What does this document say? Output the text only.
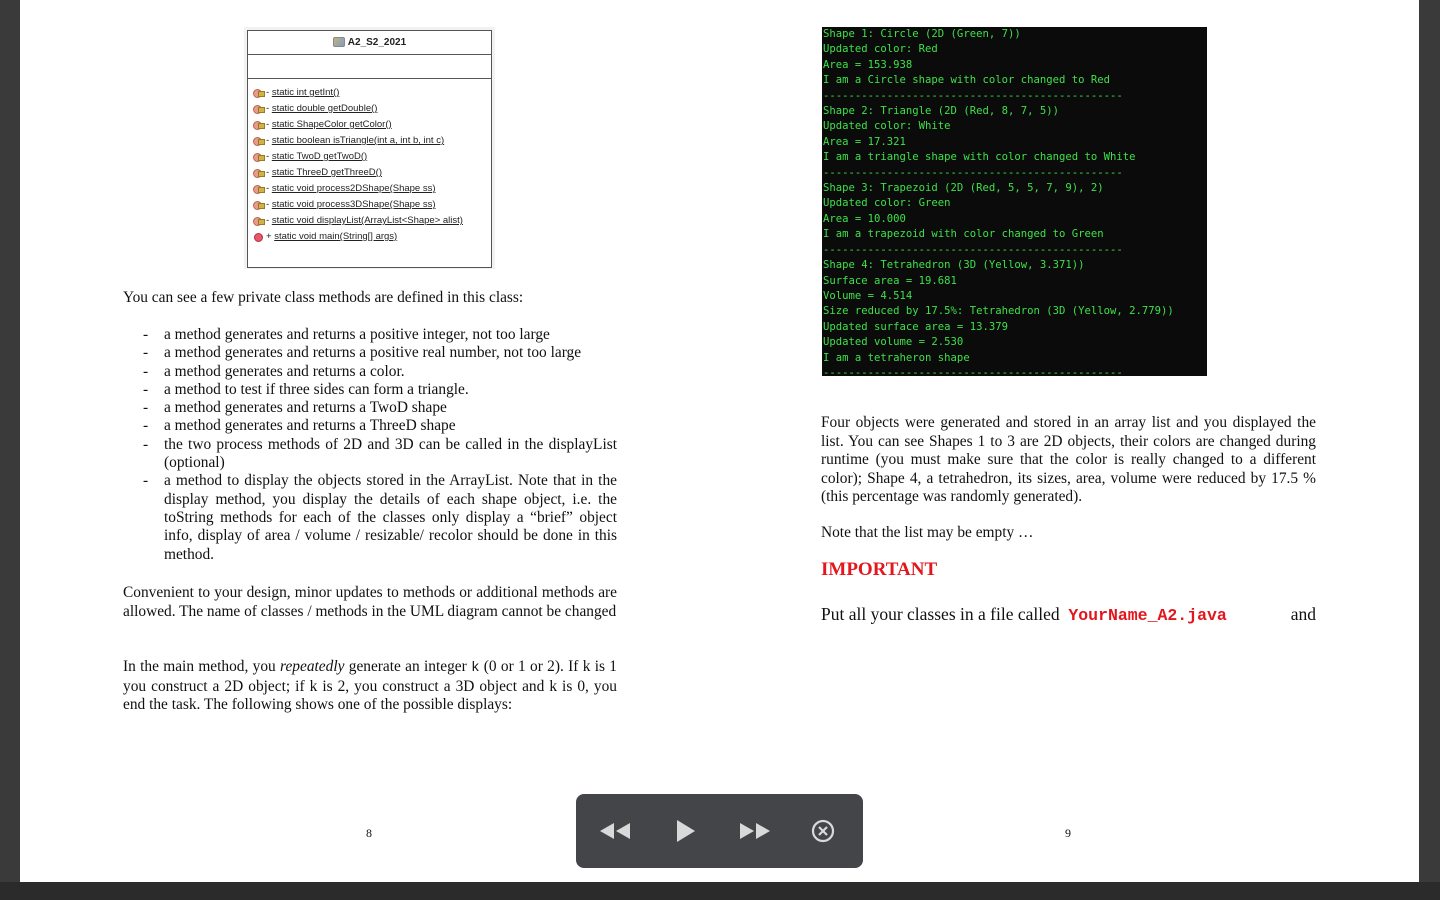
A2_S2_2021
- static int getInt()
- static double getDouble()
- static ShapeColor getColor()
- static boolean isTriangle(int a, int b, int c)
- static TwoD getTwoD()
- static ThreeD getThreeD()
- static void process2DShape(Shape ss)
- static void process3DShape(Shape ss)
- static void displayList(ArrayList<Shape> alist)
+ static void main(String[] args)
You can see a few private class methods are defined in this class:
- a method generates and returns a positive integer, not too large
- a method generates and returns a positive real number, not too large
- a method generates and returns a color.
- a method to test if three sides can form a triangle.
- a method generates and returns a TwoD shape
- a method generates and returns a ThreeD shape
- the two process methods of 2D and 3D can be called in the displayList (optional)
- a method to display the objects stored in the ArrayList. Note that in the display method, you display the details of each shape object, i.e. the toString methods for each of the classes only display a “brief” object info, display of area / volume / resizable/ recolor should be done in this method.
Convenient to your design, minor updates to methods or additional methods are allowed. The name of classes / methods in the UML diagram cannot be changed
In the main method, you repeatedly generate an integer k (0 or 1 or 2). If k is 1 you construct a 2D object; if k is 2, you construct a 3D object and k is 0, you end the task. The following shows one of the possible displays:
8
Shape 1: Circle (2D (Green, 7))
Updated color: Red
Area = 153.938
I am a Circle shape with color changed to Red
-----------------------------------------------
Shape 2: Triangle (2D (Red, 8, 7, 5))
Updated color: White
Area = 17.321
I am a triangle shape with color changed to White
-----------------------------------------------
Shape 3: Trapezoid (2D (Red, 5, 5, 7, 9), 2)
Updated color: Green
Area = 10.000
I am a trapezoid with color changed to Green
-----------------------------------------------
Shape 4: Tetrahedron (3D (Yellow, 3.371))
Surface area = 19.681
Volume = 4.514
Size reduced by 17.5%: Tetrahedron (3D (Yellow, 2.779))
Updated surface area = 13.379
Updated volume = 2.530
I am a tetraheron shape
-----------------------------------------------
Four objects were generated and stored in an array list and you displayed the list. You can see Shapes 1 to 3 are 2D objects, their colors are changed during runtime (you must make sure that the color is really changed to a different color); Shape 4, a tetrahedron, its sizes, area, volume were reduced by 17.5 % (this percentage was randomly generated).
Note that the list may be empty …
IMPORTANT
Put all your classes in a file called YourName_A2.java	and
9
